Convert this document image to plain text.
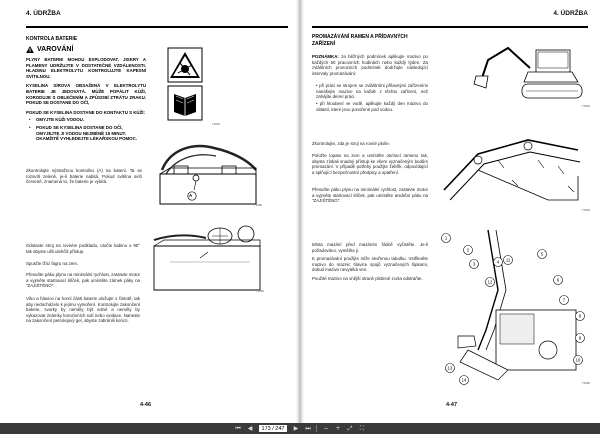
4. ÚDRŽBA
KONTROLA BATERIE
VAROVÁNÍ
PLYNY BATERIE MOHOU EXPLODOVAT. JISKRY A PLAMENY UDRŽUJTE V DOSTATEČNÉ VZDÁLENOSTI. HLADINU ELEKTROLYTU KONTROLUJTE KAPESNÍ SVÍTILNOU.
KYSELINA SÍROVÁ OBSAŽENÁ V ELEKTROLYTU BATERIE JE JEDOVATÁ. MŮŽE POPÁLIT KŮŽI, KORODUJE S OBLEČENÍM A ZPŮSOBÍ ZTRÁTU ZRAKU. POKUD SE DOSTANE DO OČÍ,
POKUD SE KYSELINA DOSTANE DO KONTAKTU S KŮŽÍ:
•	OMYJTE KŮŽI VODOU.
•	POKUD SE KYSELINA DOSTANE DO OČÍ, OMYJEJTE JI VODOU NEJMÉNĚ 15 MINUT. OKAMŽITĚ VYHLEDEJTE LÉKAŘSKOU POMOC.
T0040
A
T0380
Zkontrolujte výstražnou kontrolku (A) na baterii. Ta se rozsvítí zeleně, je-li baterie nabitá. Pokud svítilna svítí červeně, znamená to, že baterie je vybitá.
Odstavte stroj na rovném podkladu, otočte kabinu o 90° tak abyste ušli ulehčili přístup.
Spusťte lžíci fagru na zem.
Přesuňte páku plynu na minimální rychlost, zastavte motor a vyjměte startovací klíček, pak umístěte zámek páky na "ZAJIŠTĚNO".
Víko a hlavice na horní části baterie uložujte s čistotě, tak aby nedocházelo k jejímu vytvoření. Kontrolujte zakončení baterie, svorky by neměly být volné a neměly by vykazovat známky korozivních solí nebo oxidace. Naneste na zakončení petrolejový gel, abyste zabránili korozi.
T0360
4-46
4. ÚDRŽBA
PROMAZÁVÁNÍ RAMEN A PŘÍDAVNÝCH ZAŘÍZENÍ
POZNÁMKA: za běžných podmínek aplikujte mazivo po každých 50 pracovních hodinách nebo každý týden. Za zvláštních provozních podmínek dodržujte následující intervaly promazávání:
• při práci se strojem se zvláštními přílavnými zařízeními nanášejte mazivo na každé z těchto zařízení, než zahájíte denní práci.
• při hloubení ve vodě, aplikujte každý den mazivo do oblastí, které jsou ponořené pod vodou.
Zkontrolujte, zda je stroj na rovné ploše.
Položte lopatu na zem a umístěte otvírací rameno tak, abyste získali snadný přístup ke všem vyznačeným bodům promazání. V případě potřeby použijte žebřík, odpovídající a splňující bezpečnostní předpisy a opatření.
Přesuňte páku plynu na minimální rychlost, zastavte motor a vyjměte startovací klíček, pak umístěte areálční páku na "ZAJIŠTĚNO".
Místa mazání před mazáním řádně vyčistěte. Je-li požadováno, vyměňte ji.
K promazávání použijte mlže sevřenou tabulku. Vstřikněte mazivo do maznic hlavice spojů vyznačených šipkami, dokud mazivo nevytéká ven.
Použité mazivo na vnější straně plstinné zcela odstraňte.
T0020
T0340
1
2
3	4
5
6
7
8
9
10
11
12
13
14
T0350
4-47
⏮ ◀	173 / 247	▶ ⏭ − + ⤢ ⛶
